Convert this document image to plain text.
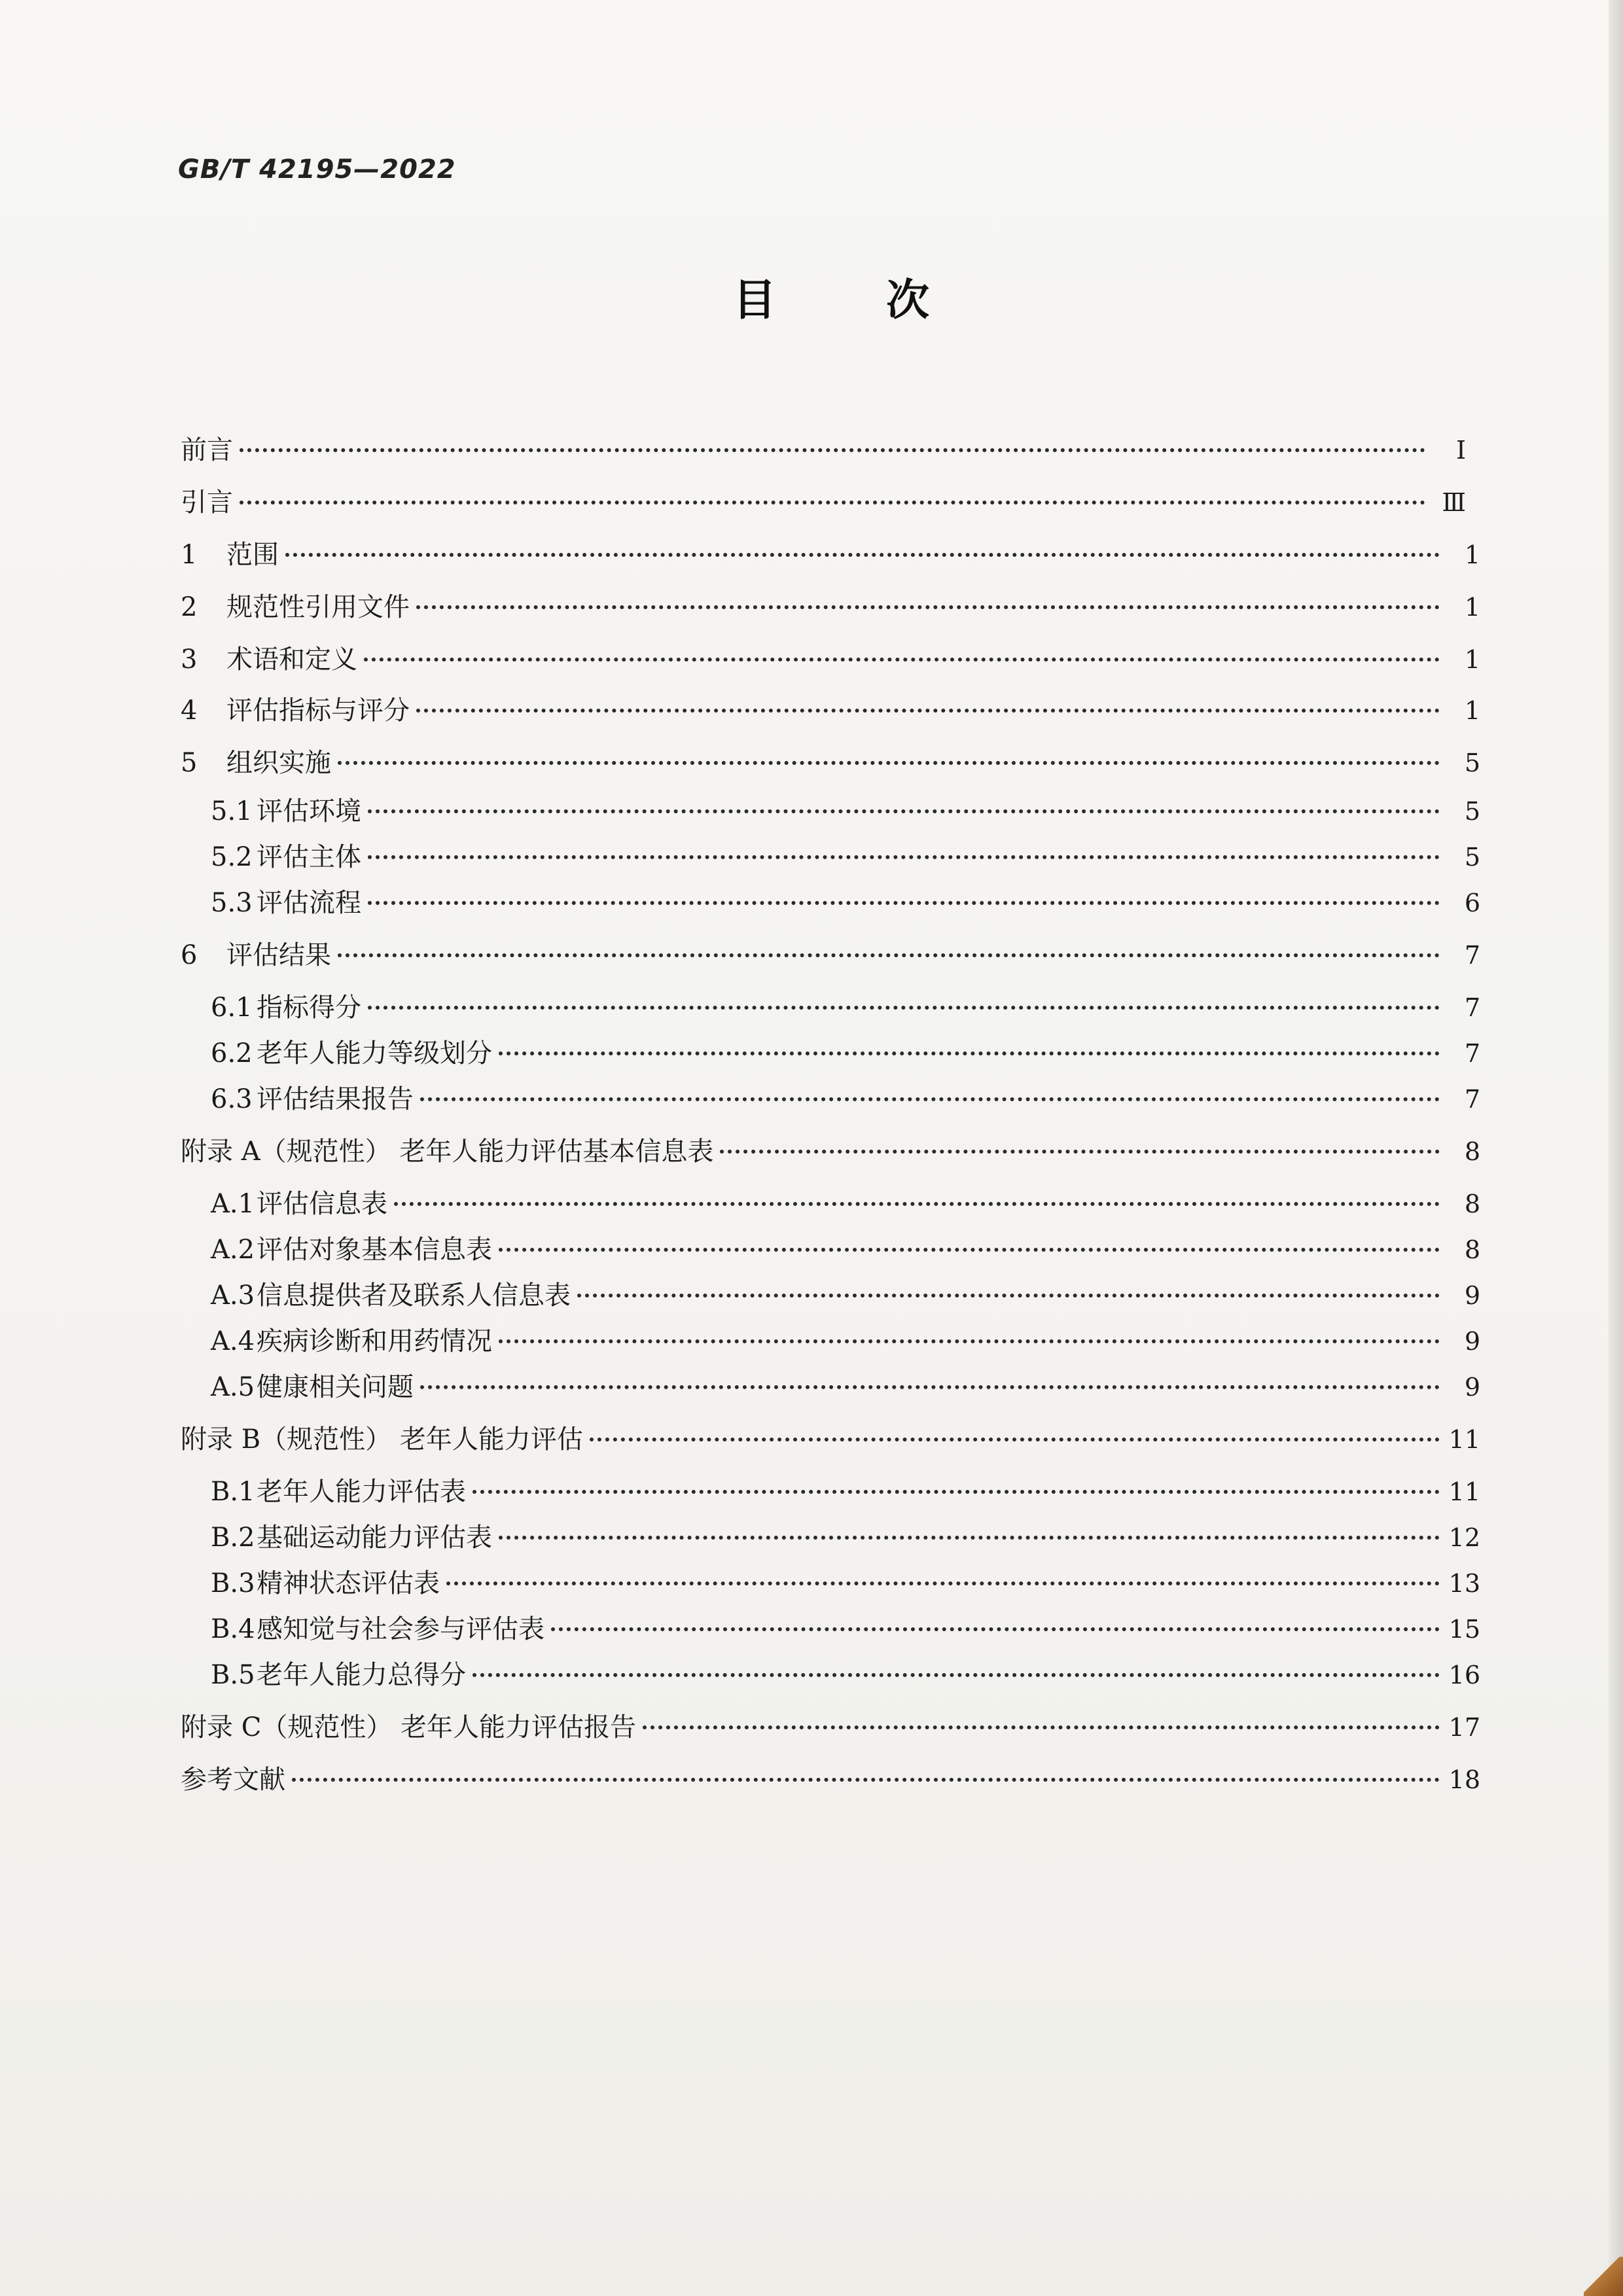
GB/T 42195—2022
目	次
前言	Ⅰ
引言	Ⅲ
1 范围	1
2 规范性引用文件	1
3 术语和定义	1
4 评估指标与评分	1
5 组织实施	5
5.1 评估环境	5
5.2 评估主体	5
5.3 评估流程	6
6 评估结果	7
6.1 指标得分	7
6.2 老年人能力等级划分	7
6.3 评估结果报告	7
附录 A（规范性） 老年人能力评估基本信息表	8
A.1评估信息表	8
A.2评估对象基本信息表	8
A.3信息提供者及联系人信息表	9
A.4疾病诊断和用药情况	9
A.5健康相关问题	9
附录 B（规范性） 老年人能力评估	11
B.1老年人能力评估表	11
B.2基础运动能力评估表	12
B.3精神状态评估表	13
B.4感知觉与社会参与评估表	15
B.5老年人能力总得分	16
附录 C（规范性） 老年人能力评估报告	17
参考文献	18
